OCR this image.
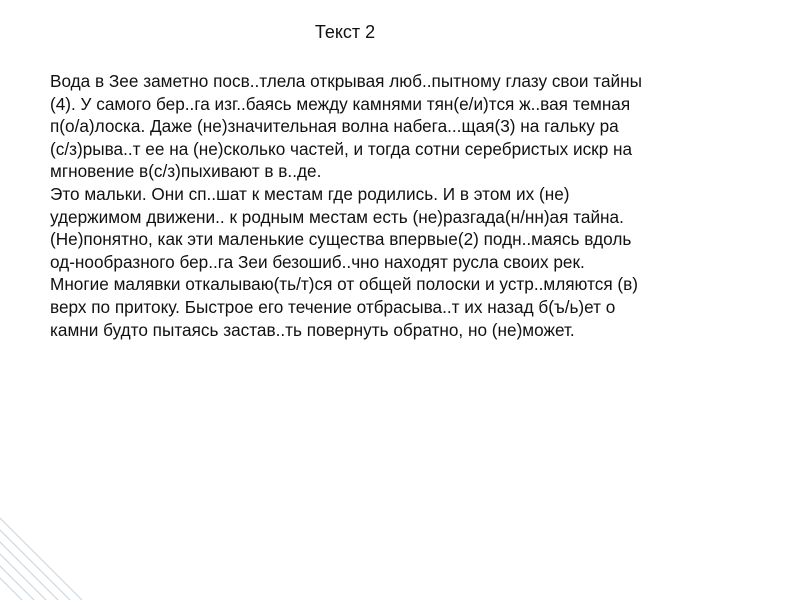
Текст 2
Вода в Зее заметно посв..тлела открывая люб..пытному глазу свои тайны
(4). У самого бер..га изг..баясь между камнями тян(е/и)тся ж..вая темная
п(о/а)лоска. Даже (не)значительная волна набега...щая(3) на гальку ра
(с/з)рыва..т ее на (не)сколько частей, и тогда сотни серебристых искр на
мгновение в(с/з)пыхивают в в..де.
Это мальки. Они сп..шат к местам где родились. И в этом их (не)
удержимом движени.. к родным местам есть (не)разгада(н/нн)ая тайна.
(Не)понятно, как эти маленькие существа впервые(2) подн..маясь вдоль
од-нообразного бер..га Зеи безошиб..чно находят русла своих рек.
Многие малявки откалываю(ть/т)ся от общей полоски и устр..мляются (в)
верх по притоку. Быстрое его течение отбрасыва..т их назад б(ъ/ь)ет о
камни будто пытаясь застав..ть повернуть обратно, но (не)может.
